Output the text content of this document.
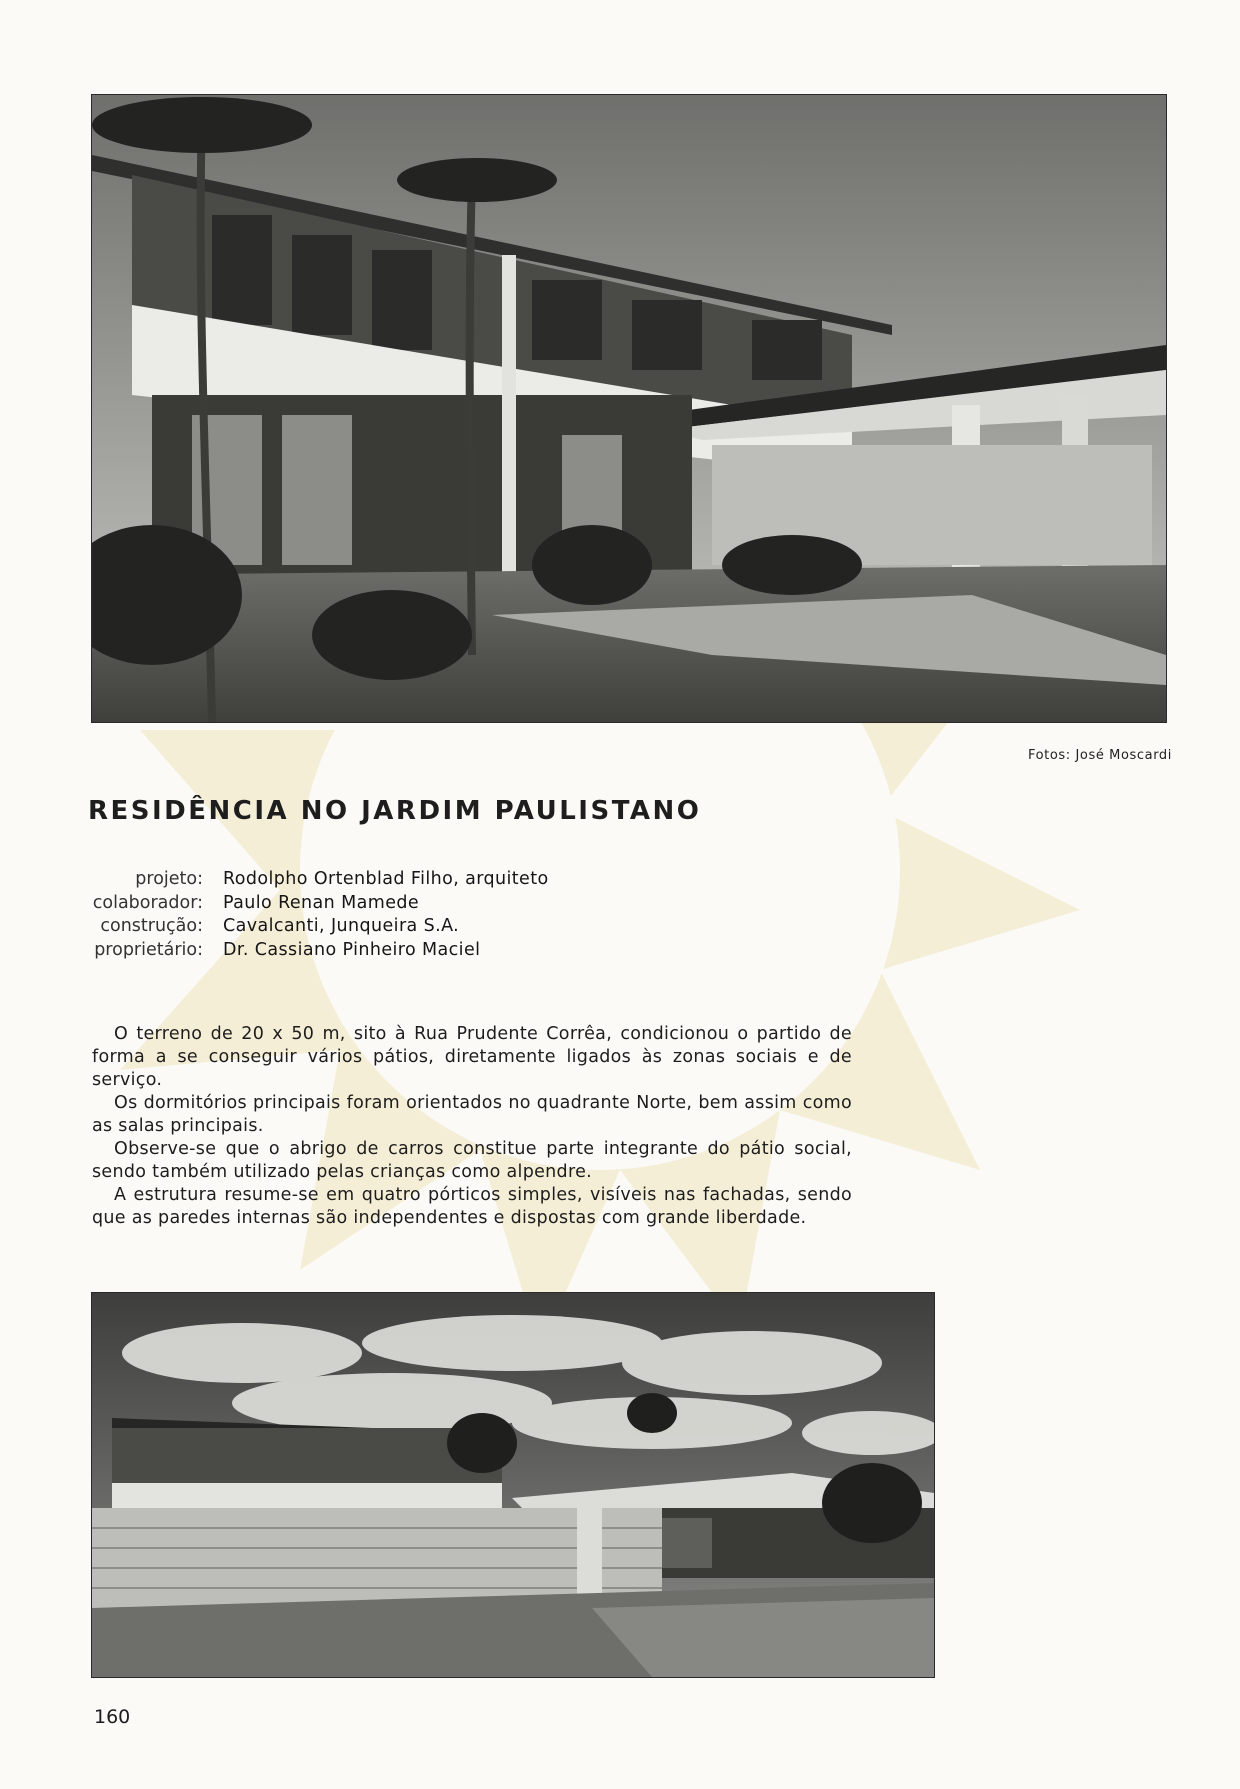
Fotos: José Moscardi
RESIDÊNCIA NO JARDIM PAULISTANO
projeto:	Rodolpho Ortenblad Filho, arquiteto
colaborador:	Paulo Renan Mamede
construção:	Cavalcanti, Junqueira S.A.
proprietário:	Dr. Cassiano Pinheiro Maciel

O terreno de 20 x 50 m, sito à Rua Prudente Corrêa, condicionou o partido de forma a se conseguir vários pátios, diretamente ligados às zonas sociais e de serviço.

Os dormitórios principais foram orientados no quadrante Norte, bem assim como as salas principais.

Observe-se que o abrigo de carros constitue parte integrante do pátio social, sendo também utilizado pelas crianças como alpendre.

A estrutura resume-se em quatro pórticos simples, visíveis nas fachadas, sendo que as paredes internas são independentes e dispostas com grande liberdade.

160
